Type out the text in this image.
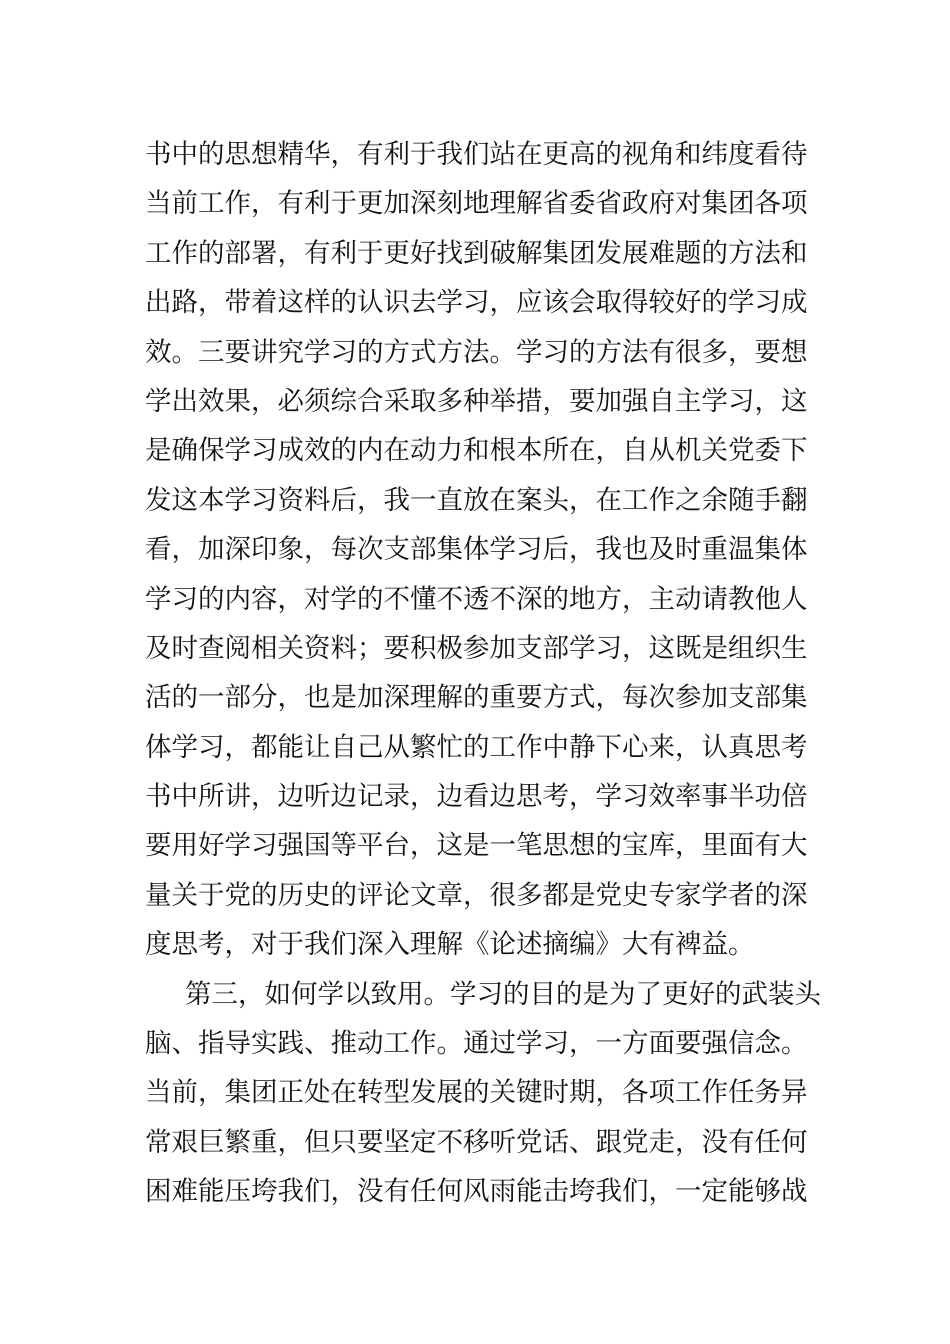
书中的思想精华，有利于我们站在更高的视角和纬度看待
当前工作，有利于更加深刻地理解省委省政府对集团各项
工作的部署，有利于更好找到破解集团发展难题的方法和
出路，带着这样的认识去学习，应该会取得较好的学习成
效。三要讲究学习的方式方法。学习的方法有很多，要想
学出效果，必须综合采取多种举措，要加强自主学习，这
是确保学习成效的内在动力和根本所在，自从机关党委下
发这本学习资料后，我一直放在案头，在工作之余随手翻
看，加深印象，每次支部集体学习后，我也及时重温集体
学习的内容，对学的不懂不透不深的地方，主动请教他人
及时查阅相关资料；要积极参加支部学习，这既是组织生
活的一部分，也是加深理解的重要方式，每次参加支部集
体学习，都能让自己从繁忙的工作中静下心来，认真思考
书中所讲，边听边记录，边看边思考，学习效率事半功倍
要用好学习强国等平台，这是一笔思想的宝库，里面有大
量关于党的历史的评论文章，很多都是党史专家学者的深
度思考，对于我们深入理解《论述摘编》大有裨益。
第三，如何学以致用。学习的目的是为了更好的武装头
脑、指导实践、推动工作。通过学习，一方面要强信念。
当前，集团正处在转型发展的关键时期，各项工作任务异
常艰巨繁重，但只要坚定不移听党话、跟党走，没有任何
困难能压垮我们，没有任何风雨能击垮我们，一定能够战
